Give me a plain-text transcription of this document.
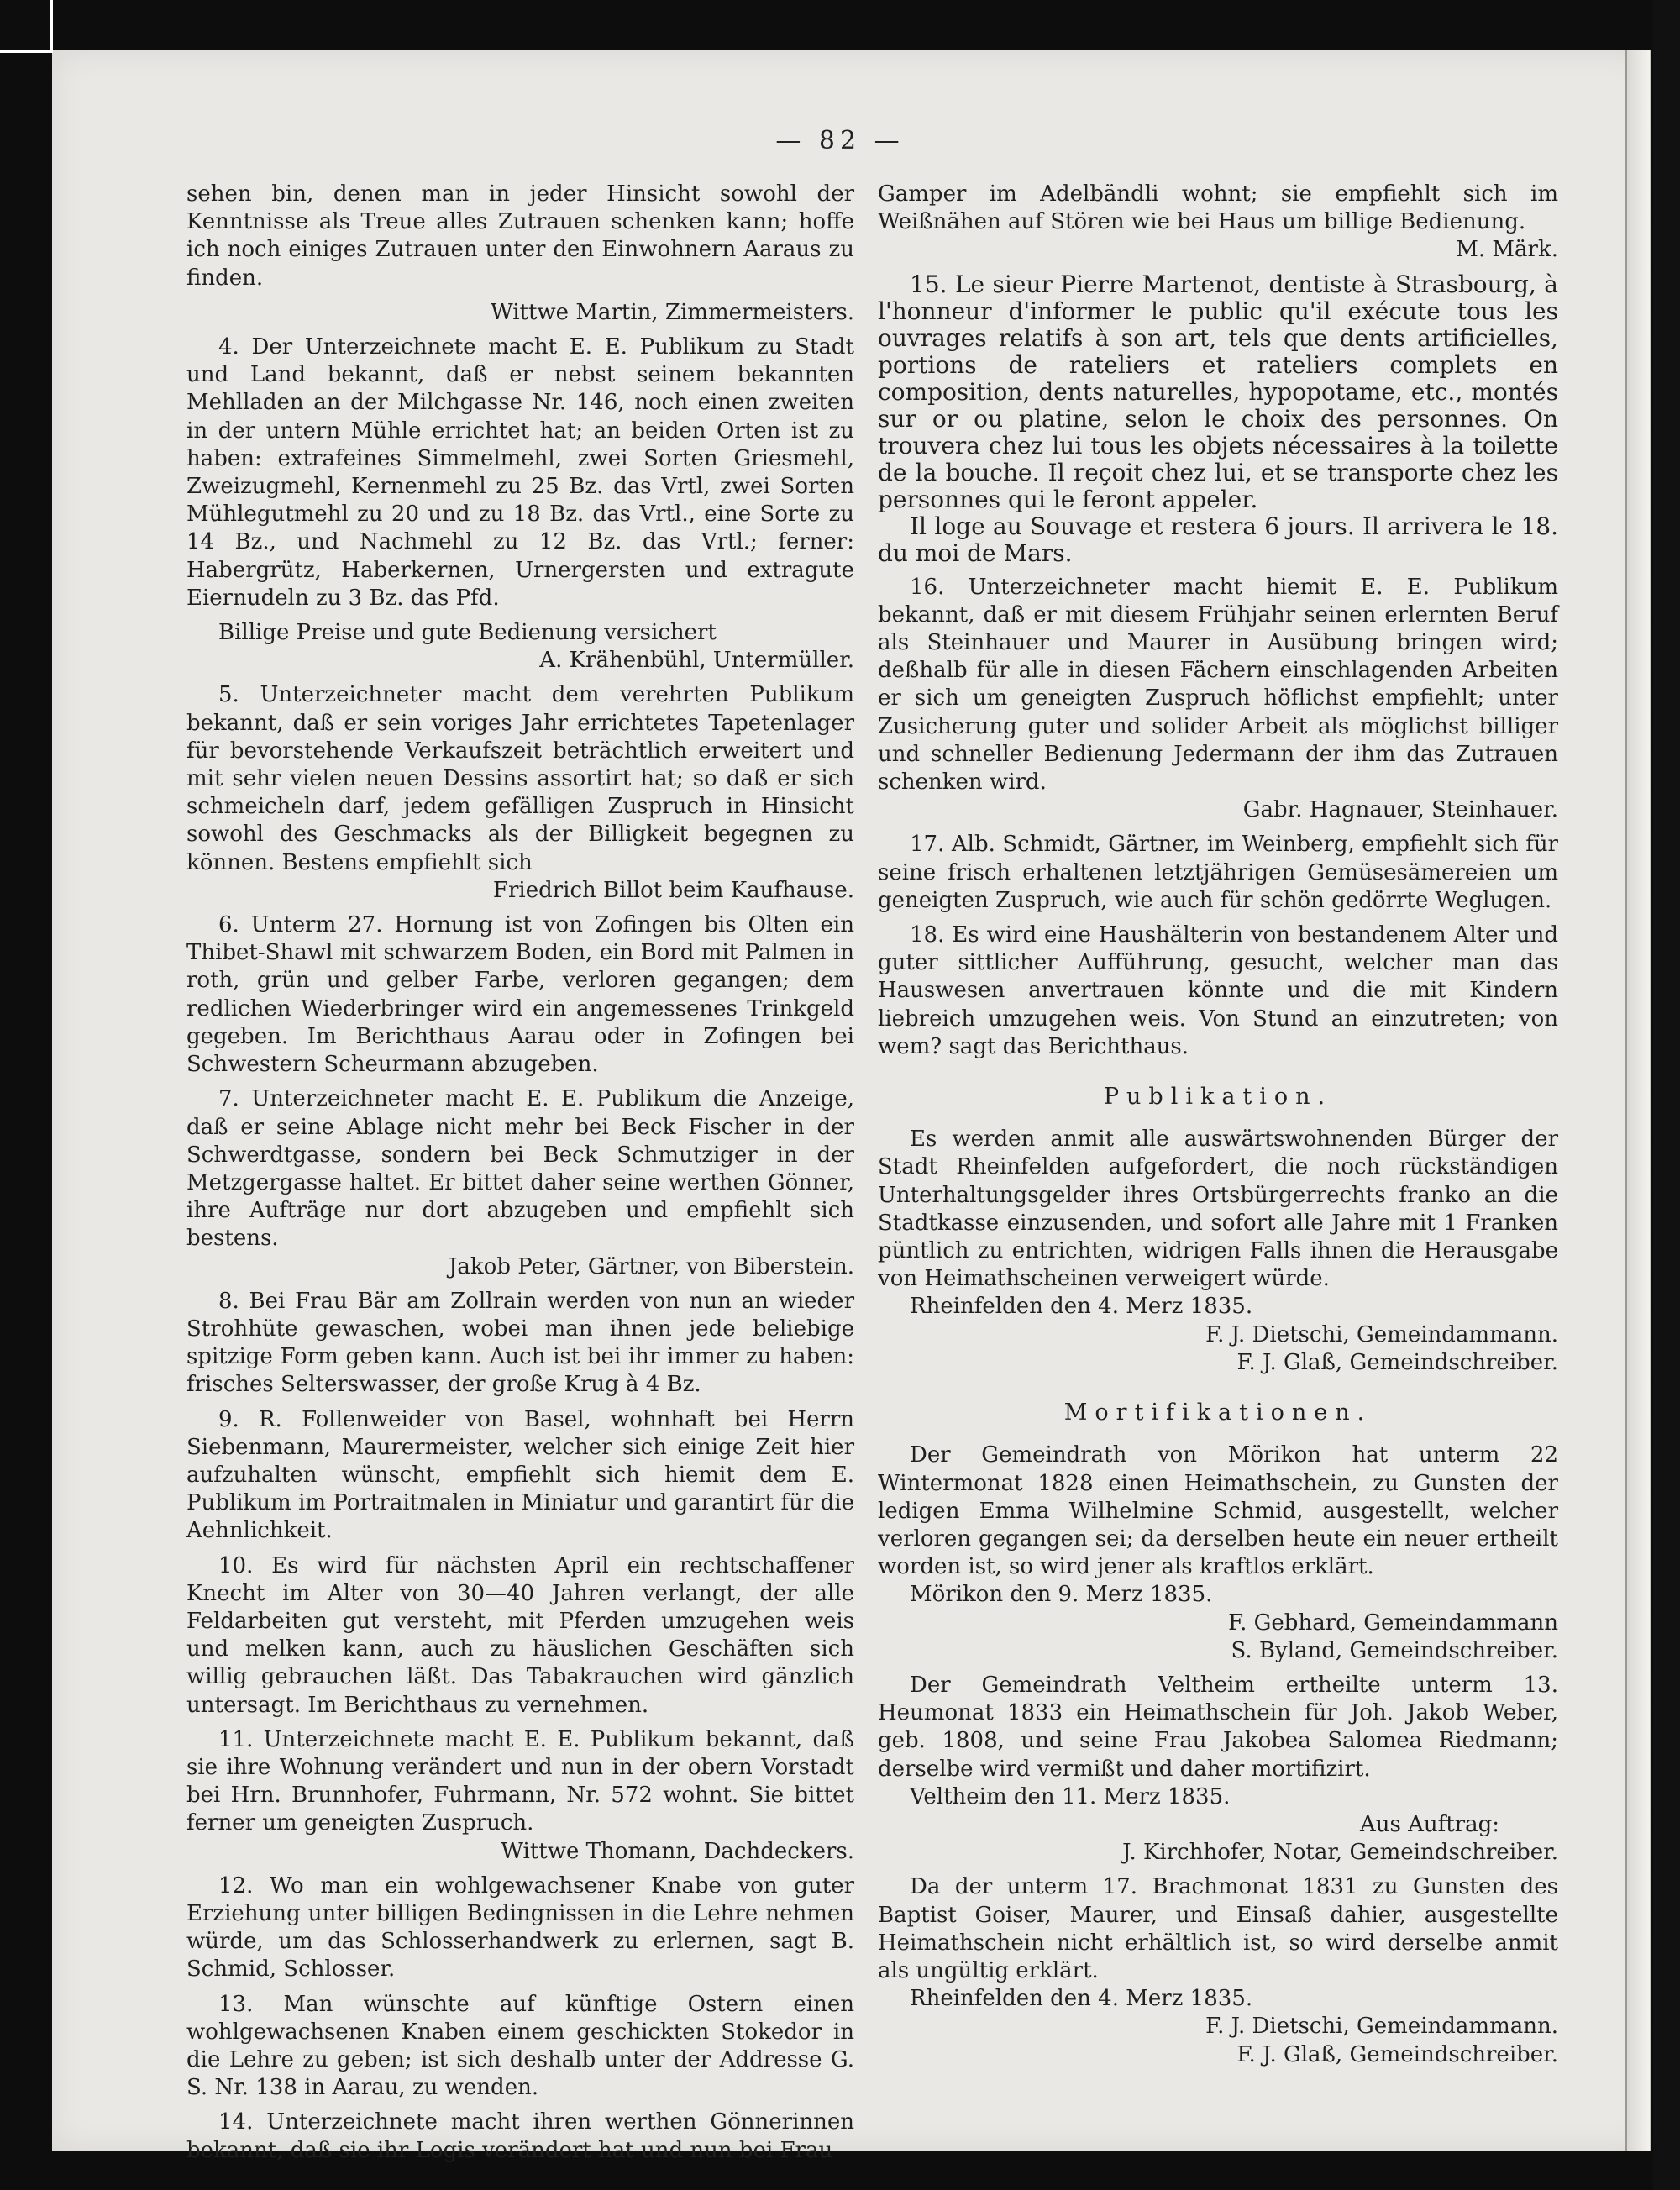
— 82 —

sehen bin, denen man in jeder Hinsicht sowohl der Kenntnisse als Treue alles Zutrauen schenken kann; hoffe ich noch einiges Zutrauen unter den Einwohnern Aaraus zu finden.

Wittwe Martin, Zimmermeisters.

4. Der Unterzeichnete macht E. E. Publikum zu Stadt und Land bekannt, daß er nebst seinem bekannten Mehlladen an der Milchgasse Nr. 146, noch einen zweiten in der untern Mühle errichtet hat; an beiden Orten ist zu haben: extrafeines Simmelmehl, zwei Sorten Griesmehl, Zweizugmehl, Kernenmehl zu 25 Bz. das Vrtl, zwei Sorten Mühlegutmehl zu 20 und zu 18 Bz. das Vrtl., eine Sorte zu 14 Bz., und Nachmehl zu 12 Bz. das Vrtl.; ferner: Habergrütz, Haberkernen, Urnergersten und extragute Eiernudeln zu 3 Bz. das Pfd.

Billige Preise und gute Bedienung versichert

A. Krähenbühl, Untermüller.

5. Unterzeichneter macht dem verehrten Publikum bekannt, daß er sein voriges Jahr errichtetes Tapetenlager für bevorstehende Verkaufszeit beträchtlich erweitert und mit sehr vielen neuen Dessins assortirt hat; so daß er sich schmeicheln darf, jedem gefälligen Zuspruch in Hinsicht sowohl des Geschmacks als der Billigkeit begegnen zu können. Bestens empfiehlt sich

Friedrich Billot beim Kaufhause.

6. Unterm 27. Hornung ist von Zofingen bis Olten ein Thibet-Shawl mit schwarzem Boden, ein Bord mit Palmen in roth, grün und gelber Farbe, verloren gegangen; dem redlichen Wiederbringer wird ein angemessenes Trinkgeld gegeben. Im Berichthaus Aarau oder in Zofingen bei Schwestern Scheurmann abzugeben.

7. Unterzeichneter macht E. E. Publikum die Anzeige, daß er seine Ablage nicht mehr bei Beck Fischer in der Schwerdtgasse, sondern bei Beck Schmutziger in der Metzgergasse haltet. Er bittet daher seine werthen Gönner, ihre Aufträge nur dort abzugeben und empfiehlt sich bestens.

Jakob Peter, Gärtner, von Biberstein.

8. Bei Frau Bär am Zollrain werden von nun an wieder Strohhüte gewaschen, wobei man ihnen jede beliebige spitzige Form geben kann. Auch ist bei ihr immer zu haben: frisches Selterswasser, der große Krug à 4 Bz.

9. R. Follenweider von Basel, wohnhaft bei Herrn Siebenmann, Maurermeister, welcher sich einige Zeit hier aufzuhalten wünscht, empfiehlt sich hiemit dem E. Publikum im Portraitmalen in Miniatur und garantirt für die Aehnlichkeit.

10. Es wird für nächsten April ein rechtschaffener Knecht im Alter von 30—40 Jahren verlangt, der alle Feldarbeiten gut versteht, mit Pferden umzugehen weis und melken kann, auch zu häuslichen Geschäften sich willig gebrauchen läßt. Das Tabakrauchen wird gänzlich untersagt. Im Berichthaus zu vernehmen.

11. Unterzeichnete macht E. E. Publikum bekannt, daß sie ihre Wohnung verändert und nun in der obern Vorstadt bei Hrn. Brunnhofer, Fuhrmann, Nr. 572 wohnt. Sie bittet ferner um geneigten Zuspruch.

Wittwe Thomann, Dachdeckers.

12. Wo man ein wohlgewachsener Knabe von guter Erziehung unter billigen Bedingnissen in die Lehre nehmen würde, um das Schlosserhandwerk zu erlernen, sagt B. Schmid, Schlosser.

13. Man wünschte auf künftige Ostern einen wohlgewachsenen Knaben einem geschickten Stokedor in die Lehre zu geben; ist sich deshalb unter der Addresse G. S. Nr. 138 in Aarau, zu wenden.

14. Unterzeichnete macht ihren werthen Gönnerinnen bekannt, daß sie ihr Logis verändert hat und nun bei Frau

Gamper im Adelbändli wohnt; sie empfiehlt sich im Weißnähen auf Stören wie bei Haus um billige Bedienung.

M. Märk.

15. Le sieur Pierre Martenot, dentiste à Strasbourg, à l'honneur d'informer le public qu'il exécute tous les ouvrages relatifs à son art, tels que dents artificielles, portions de rateliers et rateliers complets en composition, dents naturelles, hypopotame, etc., montés sur or ou platine, selon le choix des personnes. On trouvera chez lui tous les objets nécessaires à la toilette de la bouche. Il reçoit chez lui, et se transporte chez les personnes qui le feront appeler.

Il loge au Souvage et restera 6 jours. Il arrivera le 18. du moi de Mars.

16. Unterzeichneter macht hiemit E. E. Publikum bekannt, daß er mit diesem Frühjahr seinen erlernten Beruf als Steinhauer und Maurer in Ausübung bringen wird; deßhalb für alle in diesen Fächern einschlagenden Arbeiten er sich um geneigten Zuspruch höflichst empfiehlt; unter Zusicherung guter und solider Arbeit als möglichst billiger und schneller Bedienung Jedermann der ihm das Zutrauen schenken wird.

Gabr. Hagnauer, Steinhauer.

17. Alb. Schmidt, Gärtner, im Weinberg, empfiehlt sich für seine frisch erhaltenen letztjährigen Gemüsesämereien um geneigten Zuspruch, wie auch für schön gedörrte Weglugen.

18. Es wird eine Haushälterin von bestandenem Alter und guter sittlicher Aufführung, gesucht, welcher man das Hauswesen anvertrauen könnte und die mit Kindern liebreich umzugehen weis. Von Stund an einzutreten; von wem? sagt das Berichthaus.

Publikation.

Es werden anmit alle auswärtswohnenden Bürger der Stadt Rheinfelden aufgefordert, die noch rückständigen Unterhaltungsgelder ihres Ortsbürgerrechts franko an die Stadtkasse einzusenden, und sofort alle Jahre mit 1 Franken püntlich zu entrichten, widrigen Falls ihnen die Herausgabe von Heimathscheinen verweigert würde.

Rheinfelden den 4. Merz 1835.

F. J. Dietschi, Gemeindammann.
F. J. Glaß, Gemeindschreiber.

Mortifikationen.

Der Gemeindrath von Mörikon hat unterm 22 Wintermonat 1828 einen Heimathschein, zu Gunsten der ledigen Emma Wilhelmine Schmid, ausgestellt, welcher verloren gegangen sei; da derselben heute ein neuer ertheilt worden ist, so wird jener als kraftlos erklärt.

Mörikon den 9. Merz 1835.

F. Gebhard, Gemeindammann
S. Byland, Gemeindschreiber.

Der Gemeindrath Veltheim ertheilte unterm 13. Heumonat 1833 ein Heimathschein für Joh. Jakob Weber, geb. 1808, und seine Frau Jakobea Salomea Riedmann; derselbe wird vermißt und daher mortifizirt.

Veltheim den 11. Merz 1835.

Aus Auftrag:
J. Kirchhofer, Notar, Gemeindschreiber.

Da der unterm 17. Brachmonat 1831 zu Gunsten des Baptist Goiser, Maurer, und Einsaß dahier, ausgestellte Heimathschein nicht erhältlich ist, so wird derselbe anmit als ungültig erklärt.

Rheinfelden den 4. Merz 1835.

F. J. Dietschi, Gemeindammann.
F. J. Glaß, Gemeindschreiber.
